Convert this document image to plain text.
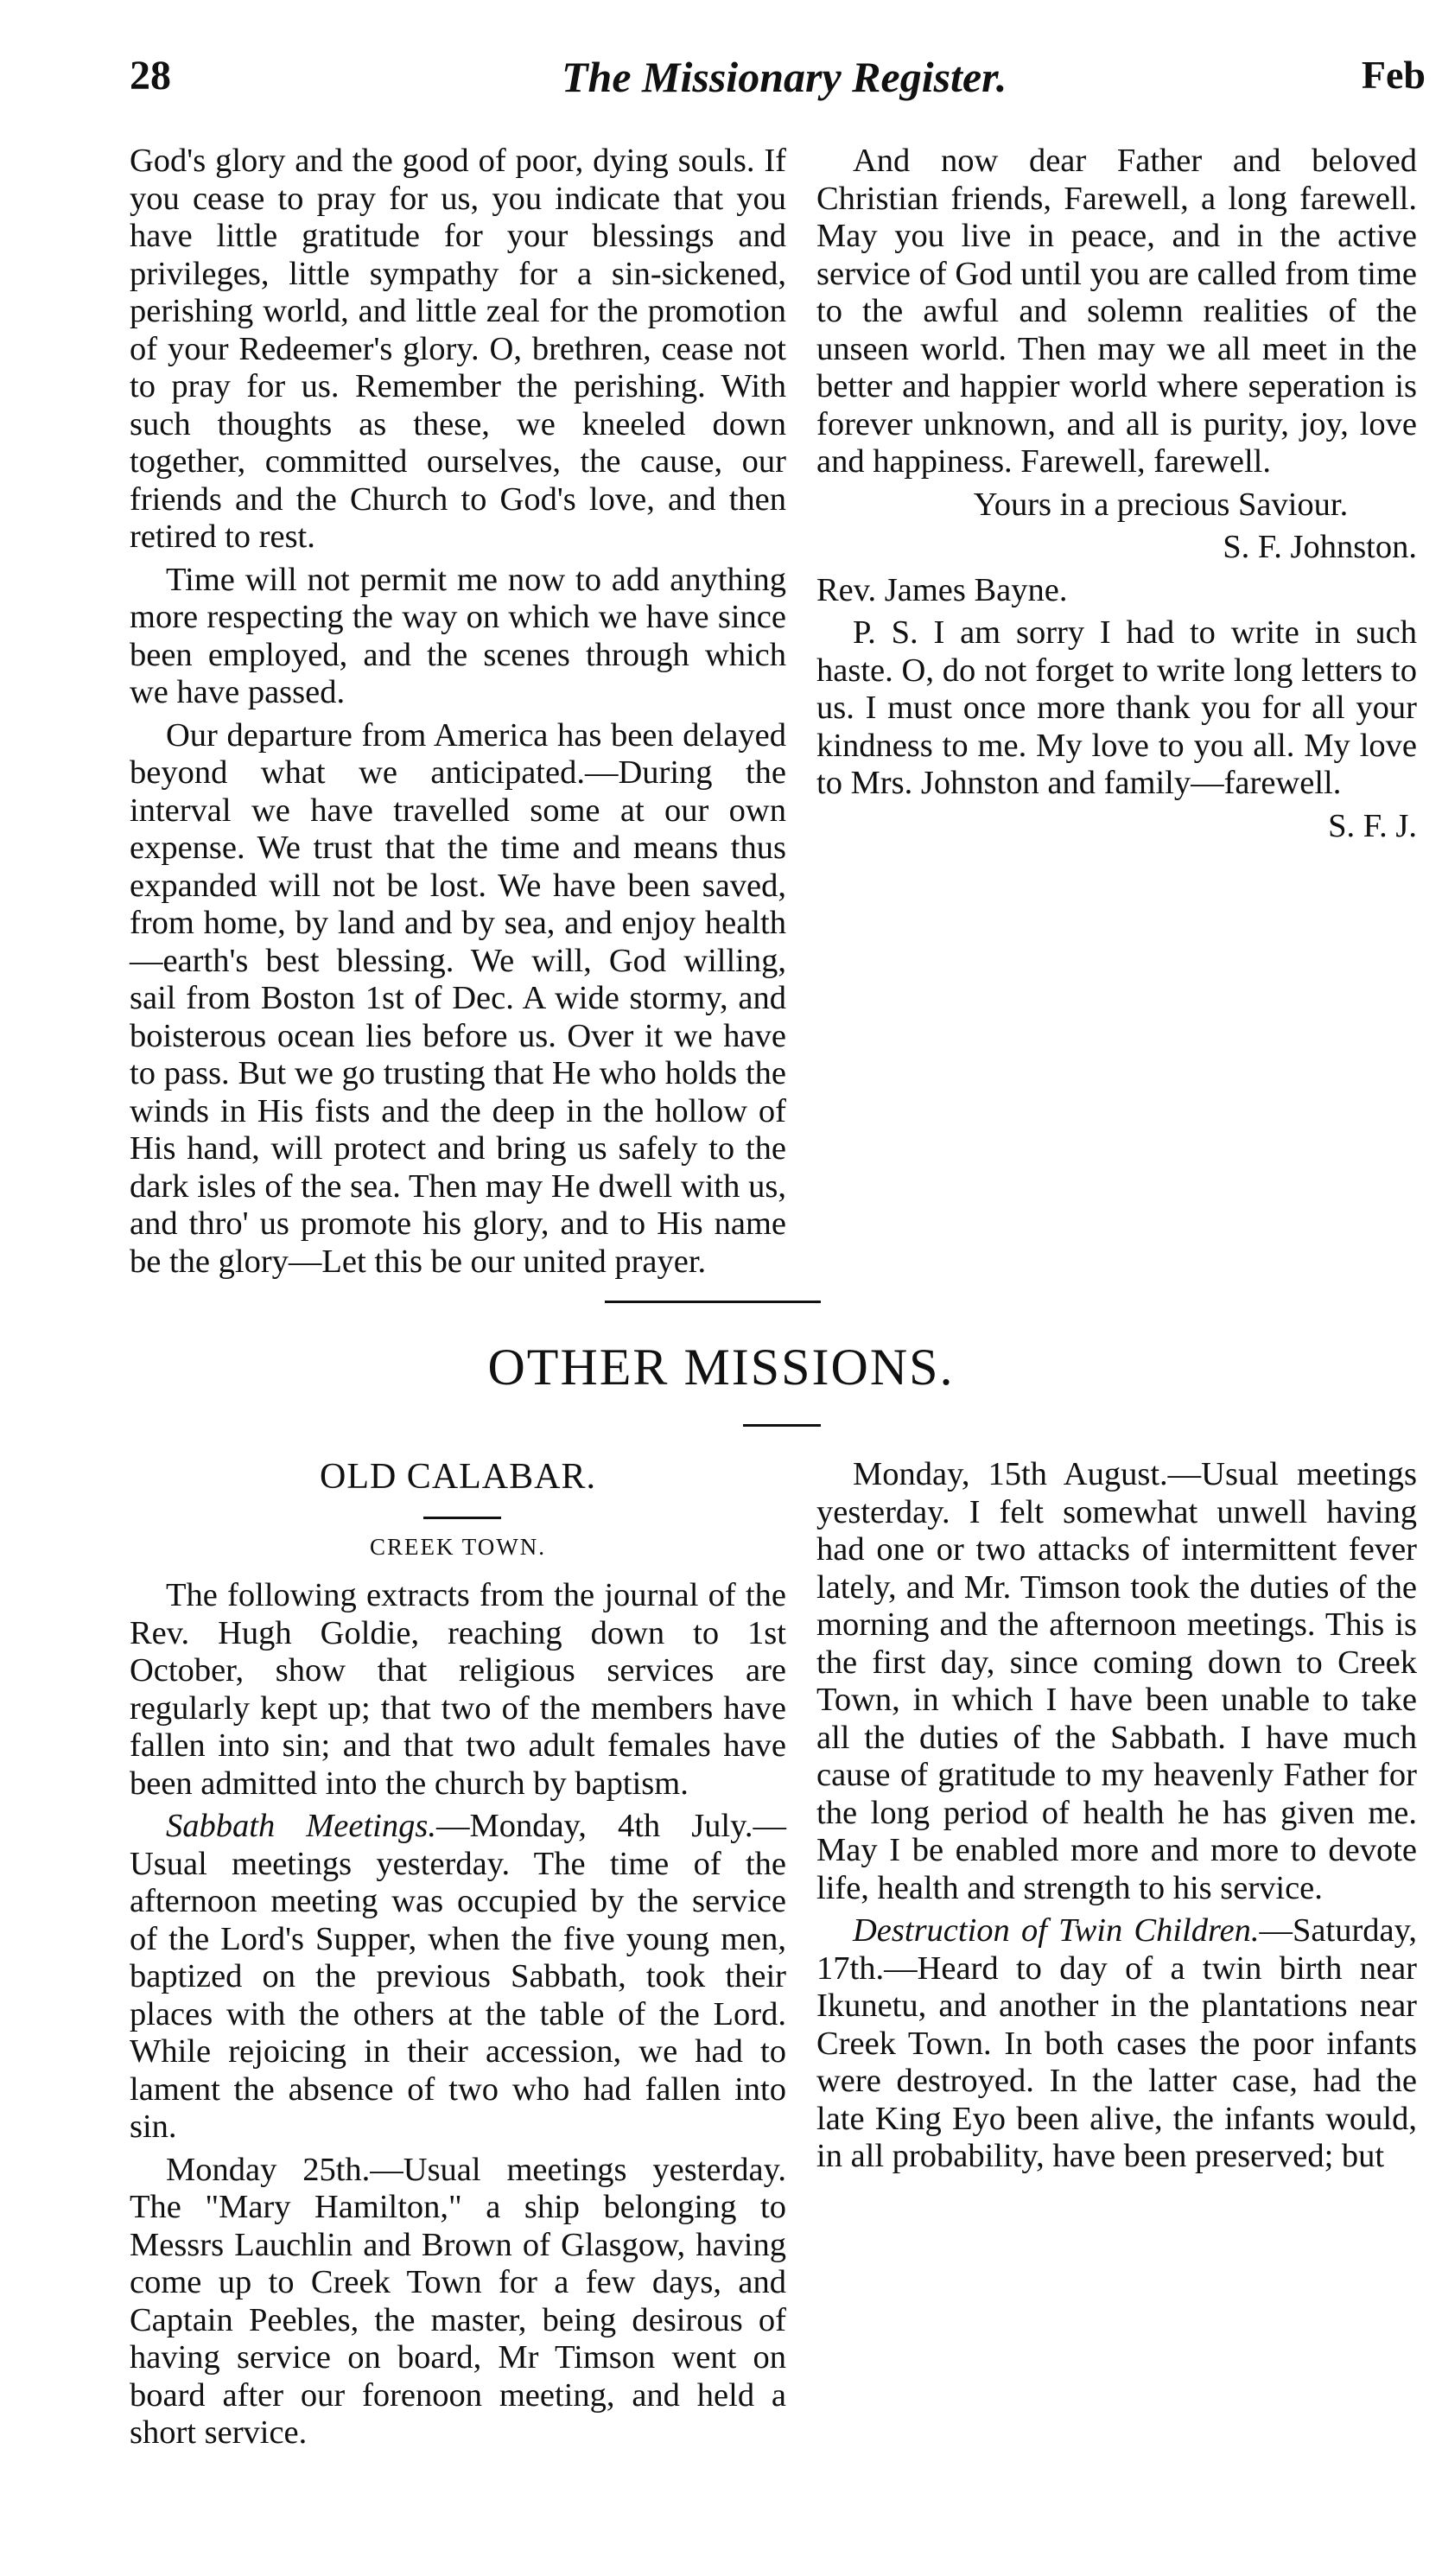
28	The Missionary Register.	Feb

God's glory and the good of poor, dying souls. If you cease to pray for us, you indicate that you have little gratitude for your blessings and privileges, little sympathy for a sin-sickened, perishing world, and little zeal for the promotion of your Redeemer's glory. O, brethren, cease not to pray for us. Remember the perishing. With such thoughts as these, we kneeled down together, committed ourselves, the cause, our friends and the Church to God's love, and then retired to rest.

Time will not permit me now to add anything more respecting the way on which we have since been employed, and the scenes through which we have passed.

Our departure from America has been delayed beyond what we anticipated.—During the interval we have travelled some at our own expense. We trust that the time and means thus expanded will not be lost. We have been saved, from home, by land and by sea, and enjoy health—earth's best blessing. We will, God willing, sail from Boston 1st of Dec. A wide stormy, and boisterous ocean lies before us. Over it we have to pass. But we go trusting that He who holds the winds in His fists and the deep in the hollow of His hand, will protect and bring us safely to the dark isles of the sea. Then may He dwell with us, and thro' us promote his glory, and to His name be the glory—Let this be our united prayer.

And now dear Father and beloved Christian friends, Farewell, a long farewell. May you live in peace, and in the active service of God until you are called from time to the awful and solemn realities of the unseen world. Then may we all meet in the better and happier world where seperation is forever unknown, and all is purity, joy, love and happiness. Farewell, farewell.

Yours in a precious Saviour.

S. F. Johnston.

Rev. James Bayne.

P. S. I am sorry I had to write in such haste. O, do not forget to write long letters to us. I must once more thank you for all your kindness to me. My love to you all. My love to Mrs. Johnston and family—farewell.

S. F. J.

OTHER MISSIONS.
OLD CALABAR.
CREEK TOWN.

The following extracts from the journal of the Rev. Hugh Goldie, reaching down to 1st October, show that religious services are regularly kept up; that two of the members have fallen into sin; and that two adult females have been admitted into the church by baptism.

Sabbath Meetings.—Monday, 4th July.—Usual meetings yesterday. The time of the afternoon meeting was occupied by the service of the Lord's Supper, when the five young men, baptized on the previous Sabbath, took their places with the others at the table of the Lord. While rejoicing in their accession, we had to lament the absence of two who had fallen into sin.

Monday 25th.—Usual meetings yesterday. The "Mary Hamilton," a ship belonging to Messrs Lauchlin and Brown of Glasgow, having come up to Creek Town for a few days, and Captain Peebles, the master, being desirous of having service on board, Mr Timson went on board after our forenoon meeting, and held a short service.

Monday, 15th August.—Usual meetings yesterday. I felt somewhat unwell having had one or two attacks of intermittent fever lately, and Mr. Timson took the duties of the morning and the afternoon meetings. This is the first day, since coming down to Creek Town, in which I have been unable to take all the duties of the Sabbath. I have much cause of gratitude to my heavenly Father for the long period of health he has given me. May I be enabled more and more to devote life, health and strength to his service.

Destruction of Twin Children.—Saturday, 17th.—Heard to day of a twin birth near Ikunetu, and another in the plantations near Creek Town. In both cases the poor infants were destroyed. In the latter case, had the late King Eyo been alive, the infants would, in all probability, have been preserved; but
